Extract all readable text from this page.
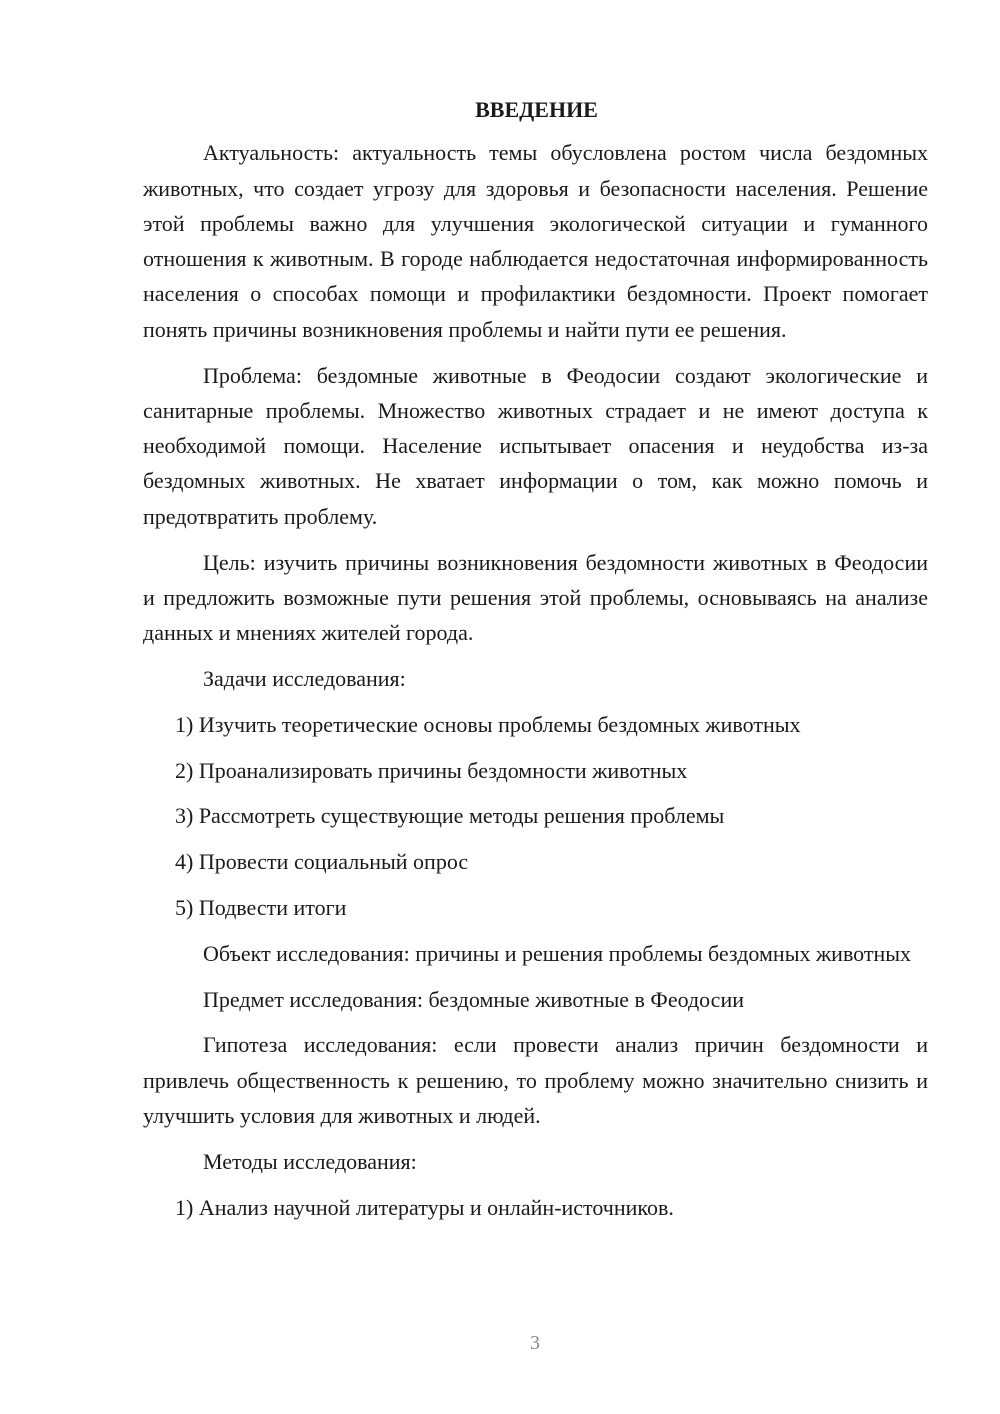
ВВЕДЕНИЕ

Актуальность: актуальность темы обусловлена ростом числа бездомных животных, что создает угрозу для здоровья и безопасности населения. Решение этой проблемы важно для улучшения экологической ситуации и гуманного отношения к животным. В городе наблюдается недостаточная информированность населения о способах помощи и профилактики бездомности. Проект помогает понять причины возникновения проблемы и найти пути ее решения.

Проблема: бездомные животные в Феодосии создают экологические и санитарные проблемы. Множество животных страдает и не имеют доступа к необходимой помощи. Население испытывает опасения и неудобства из-за бездомных животных. Не хватает информации о том, как можно помочь и предотвратить проблему.

Цель: изучить причины возникновения бездомности животных в Феодосии и предложить возможные пути решения этой проблемы, основываясь на анализе данных и мнениях жителей города.

Задачи исследования:
1) Изучить теоретические основы проблемы бездомных животных
2) Проанализировать причины бездомности животных
3) Рассмотреть существующие методы решения проблемы
4) Провести социальный опрос
5) Подвести итоги

Объект исследования: причины и решения проблемы бездомных животных

Предмет исследования: бездомные животные в Феодосии

Гипотеза исследования: если провести анализ причин бездомности и привлечь общественность к решению, то проблему можно значительно снизить и улучшить условия для животных и людей.

Методы исследования:
1) Анализ научной литературы и онлайн-источников.
3
